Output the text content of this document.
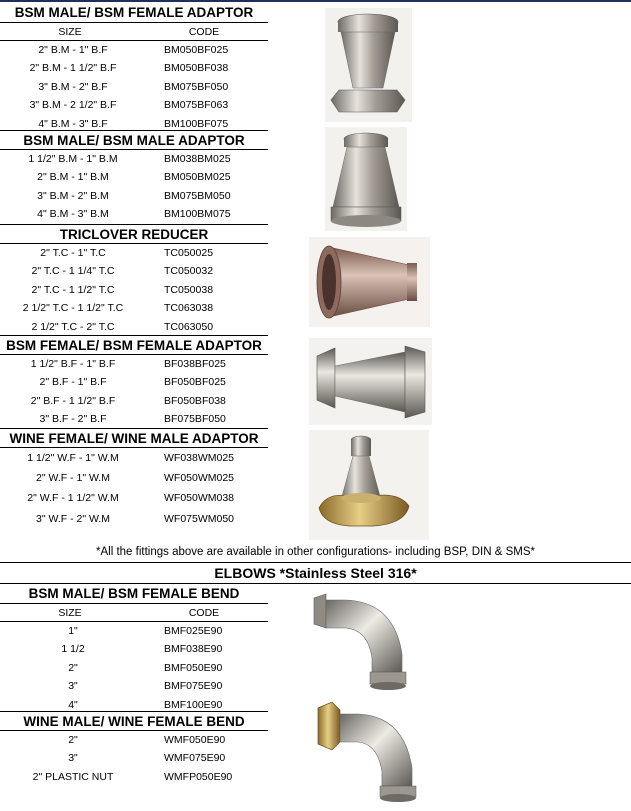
BSM MALE/ BSM FEMALE ADAPTOR
SIZE	CODE
2" B.M - 1" B.F	BM050BF025
2" B.M - 1 1/2" B.F	BM050BF038
3" B.M - 2" B.F	BM075BF050
3" B.M - 2 1/2" B.F	BM075BF063
4" B.M - 3" B.F	BM100BF075
BSM MALE/ BSM MALE ADAPTOR
1 1/2" B.M - 1" B.M	BM038BM025
2" B.M - 1" B.M	BM050BM025
3" B.M - 2" B.M	BM075BM050
4" B.M - 3" B.M	BM100BM075
TRICLOVER REDUCER
2" T.C - 1" T.C	TC050025
2" T.C - 1 1/4" T.C	TC050032
2" T.C - 1 1/2" T.C	TC050038
2 1/2" T.C - 1 1/2" T.C	TC063038
2 1/2" T.C - 2" T.C	TC063050
BSM FEMALE/ BSM FEMALE ADAPTOR
1 1/2" B.F - 1" B.F	BF038BF025
2" B.F - 1" B.F	BF050BF025
2" B.F - 1 1/2" B.F	BF050BF038
3" B.F - 2" B.F	BF075BF050
WINE FEMALE/ WINE MALE ADAPTOR
1 1/2" W.F - 1" W.M	WF038WM025
2" W.F - 1" W.M	WF050WM025
2" W.F - 1 1/2" W.M	WF050WM038
3" W.F - 2" W.M	WF075WM050
*All the fittings above are available in other configurations- including BSP, DIN & SMS*
ELBOWS *Stainless Steel 316*
BSM MALE/ BSM FEMALE BEND
SIZE	CODE
1"	BMF025E90
1 1/2	BMF038E90
2"	BMF050E90
3"	BMF075E90
4"	BMF100E90
WINE MALE/ WINE FEMALE BEND
2"	WMF050E90
3"	WMF075E90
2" PLASTIC NUT	WMFP050E90
